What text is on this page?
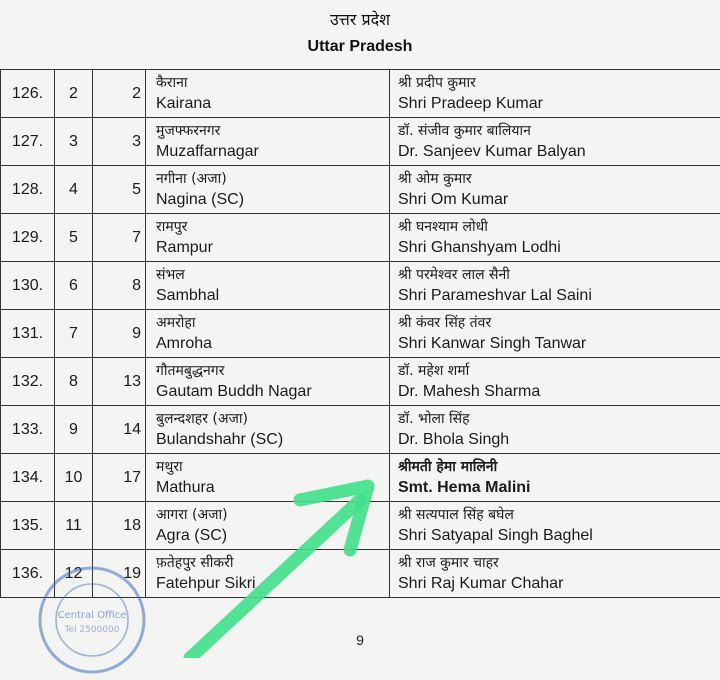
उत्तर प्रदेश
Uttar Pradesh
126.	2	2	कैराना
Kairana	श्री प्रदीप कुमार
Shri Pradeep Kumar

127.	3	3	मुजफ्फरनगर
Muzaffarnagar	डॉ. संजीव कुमार बालियान
Dr. Sanjeev Kumar Balyan

128.	4	5	नगीना (अजा)
Nagina (SC)	श्री ओम कुमार
Shri Om Kumar

129.	5	7	रामपुर
Rampur	श्री घनश्याम लोधी
Shri Ghanshyam Lodhi

130.	6	8	संभल
Sambhal	श्री परमेश्वर लाल सैनी
Shri Parameshvar Lal Saini

131.	7	9	अमरोहा
Amroha	श्री कंवर सिंह तंवर
Shri Kanwar Singh Tanwar

132.	8	13	गौतमबुद्धनगर
Gautam Buddh Nagar	डॉ. महेश शर्मा
Dr. Mahesh Sharma

133.	9	14	बुलन्दशहर (अजा)
Bulandshahr (SC)	डॉ. भोला सिंह
Dr. Bhola Singh

134.	10	17	मथुरा
Mathura	श्रीमती हेमा मालिनी
Smt. Hema Malini

135.	11	18	आगरा (अजा)
Agra (SC)	श्री सत्यपाल सिंह बघेल
Shri Satyapal Singh Baghel

136.	12	19	फ़तेहपुर सीकरी
Fatehpur Sikri	श्री राज कुमार चाहर
Shri Raj Kumar Chahar
9
Central Office
Tel 2500000
